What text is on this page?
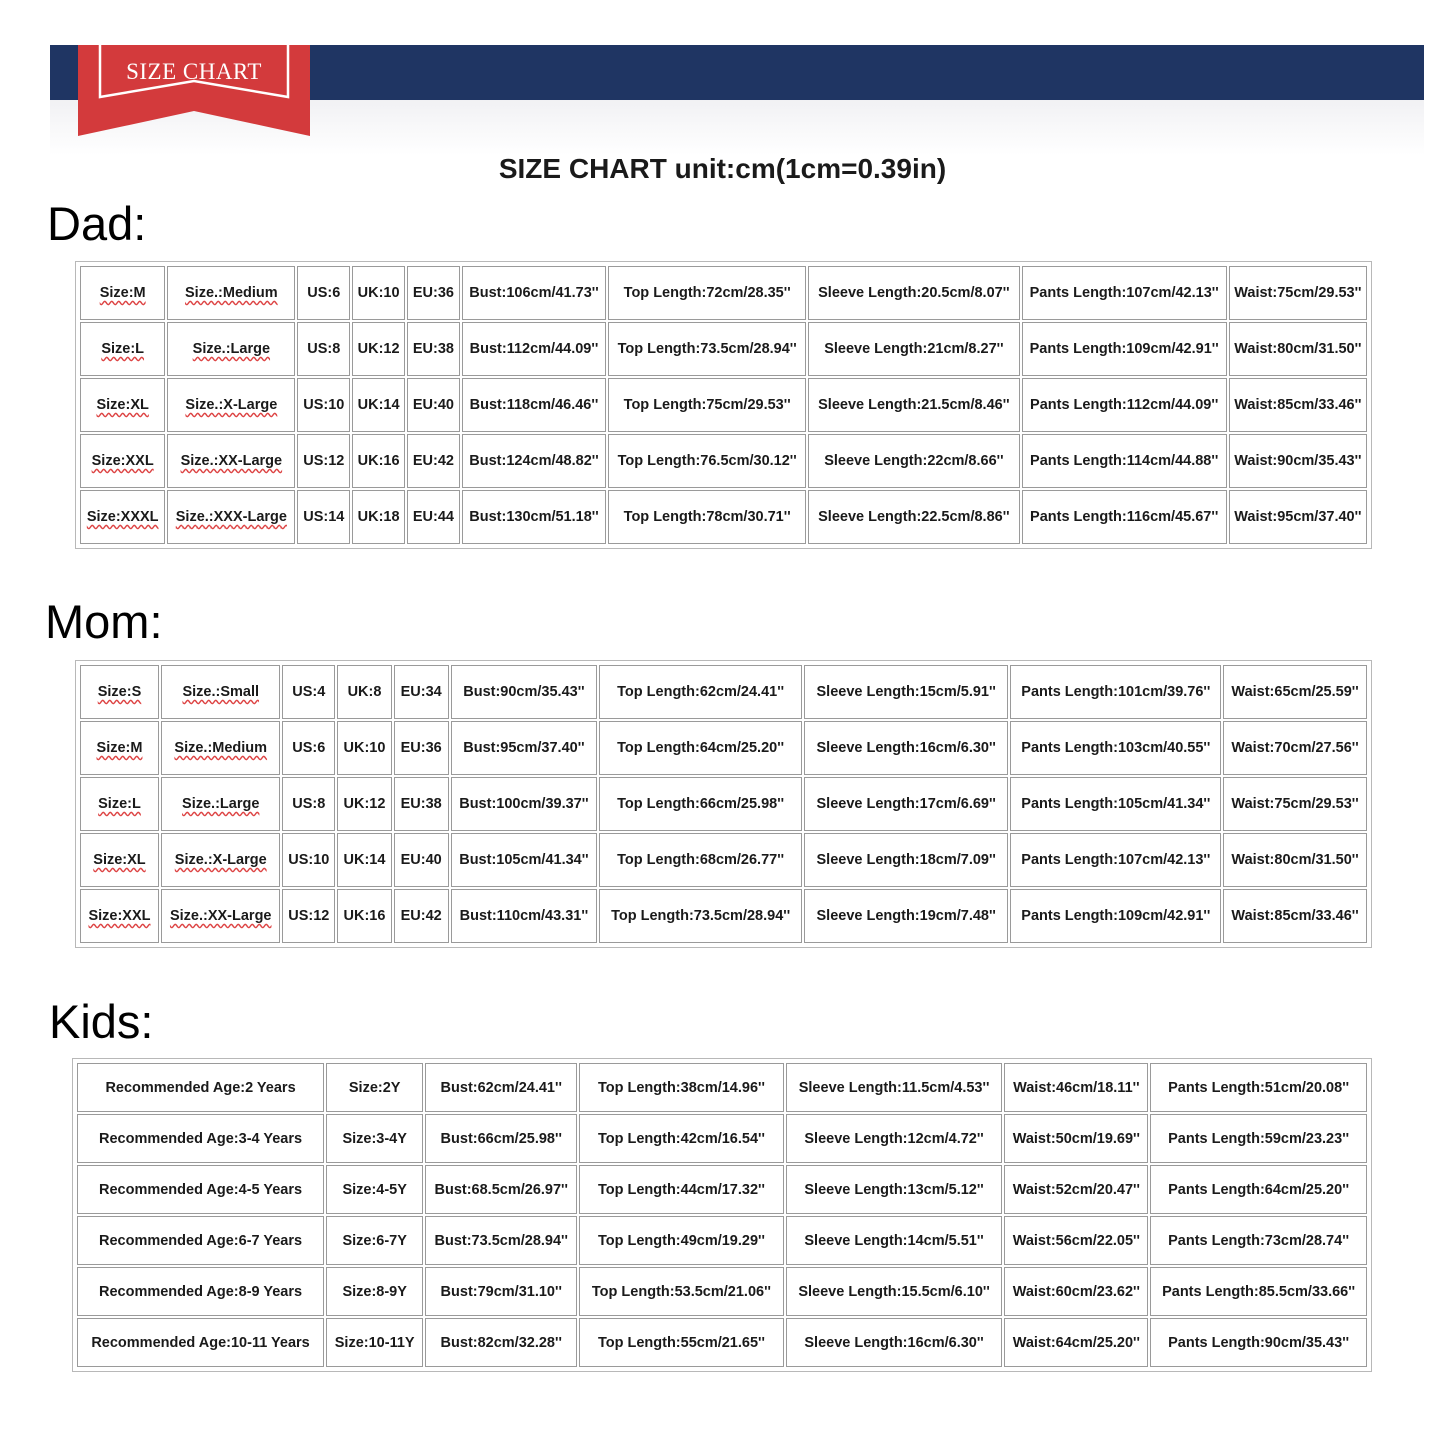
SIZE CHART
SIZE CHART unit:cm(1cm=0.39in)
Dad:
Size:M	Size.:Medium	US:6	UK:10	EU:36	Bust:106cm/41.73''	Top Length:72cm/28.35''	Sleeve Length:20.5cm/8.07''	Pants Length:107cm/42.13''	Waist:75cm/29.53''
Size:L	Size.:Large	US:8	UK:12	EU:38	Bust:112cm/44.09''	Top Length:73.5cm/28.94''	Sleeve Length:21cm/8.27''	Pants Length:109cm/42.91''	Waist:80cm/31.50''
Size:XL	Size.:X-Large	US:10	UK:14	EU:40	Bust:118cm/46.46''	Top Length:75cm/29.53''	Sleeve Length:21.5cm/8.46''	Pants Length:112cm/44.09''	Waist:85cm/33.46''
Size:XXL	Size.:XX-Large	US:12	UK:16	EU:42	Bust:124cm/48.82''	Top Length:76.5cm/30.12''	Sleeve Length:22cm/8.66''	Pants Length:114cm/44.88''	Waist:90cm/35.43''
Size:XXXL	Size.:XXX-Large	US:14	UK:18	EU:44	Bust:130cm/51.18''	Top Length:78cm/30.71''	Sleeve Length:22.5cm/8.86''	Pants Length:116cm/45.67''	Waist:95cm/37.40''
Mom:
Size:S	Size.:Small	US:4	UK:8	EU:34	Bust:90cm/35.43''	Top Length:62cm/24.41''	Sleeve Length:15cm/5.91''	Pants Length:101cm/39.76''	Waist:65cm/25.59''
Size:M	Size.:Medium	US:6	UK:10	EU:36	Bust:95cm/37.40''	Top Length:64cm/25.20''	Sleeve Length:16cm/6.30''	Pants Length:103cm/40.55''	Waist:70cm/27.56''
Size:L	Size.:Large	US:8	UK:12	EU:38	Bust:100cm/39.37''	Top Length:66cm/25.98''	Sleeve Length:17cm/6.69''	Pants Length:105cm/41.34''	Waist:75cm/29.53''
Size:XL	Size.:X-Large	US:10	UK:14	EU:40	Bust:105cm/41.34''	Top Length:68cm/26.77''	Sleeve Length:18cm/7.09''	Pants Length:107cm/42.13''	Waist:80cm/31.50''
Size:XXL	Size.:XX-Large	US:12	UK:16	EU:42	Bust:110cm/43.31''	Top Length:73.5cm/28.94''	Sleeve Length:19cm/7.48''	Pants Length:109cm/42.91''	Waist:85cm/33.46''
Kids:
Recommended Age:2 Years	Size:2Y	Bust:62cm/24.41''	Top Length:38cm/14.96''	Sleeve Length:11.5cm/4.53''	Waist:46cm/18.11''	Pants Length:51cm/20.08''
Recommended Age:3-4 Years	Size:3-4Y	Bust:66cm/25.98''	Top Length:42cm/16.54''	Sleeve Length:12cm/4.72''	Waist:50cm/19.69''	Pants Length:59cm/23.23''
Recommended Age:4-5 Years	Size:4-5Y	Bust:68.5cm/26.97''	Top Length:44cm/17.32''	Sleeve Length:13cm/5.12''	Waist:52cm/20.47''	Pants Length:64cm/25.20''
Recommended Age:6-7 Years	Size:6-7Y	Bust:73.5cm/28.94''	Top Length:49cm/19.29''	Sleeve Length:14cm/5.51''	Waist:56cm/22.05''	Pants Length:73cm/28.74''
Recommended Age:8-9 Years	Size:8-9Y	Bust:79cm/31.10''	Top Length:53.5cm/21.06''	Sleeve Length:15.5cm/6.10''	Waist:60cm/23.62''	Pants Length:85.5cm/33.66''
Recommended Age:10-11 Years	Size:10-11Y	Bust:82cm/32.28''	Top Length:55cm/21.65''	Sleeve Length:16cm/6.30''	Waist:64cm/25.20''	Pants Length:90cm/35.43''
